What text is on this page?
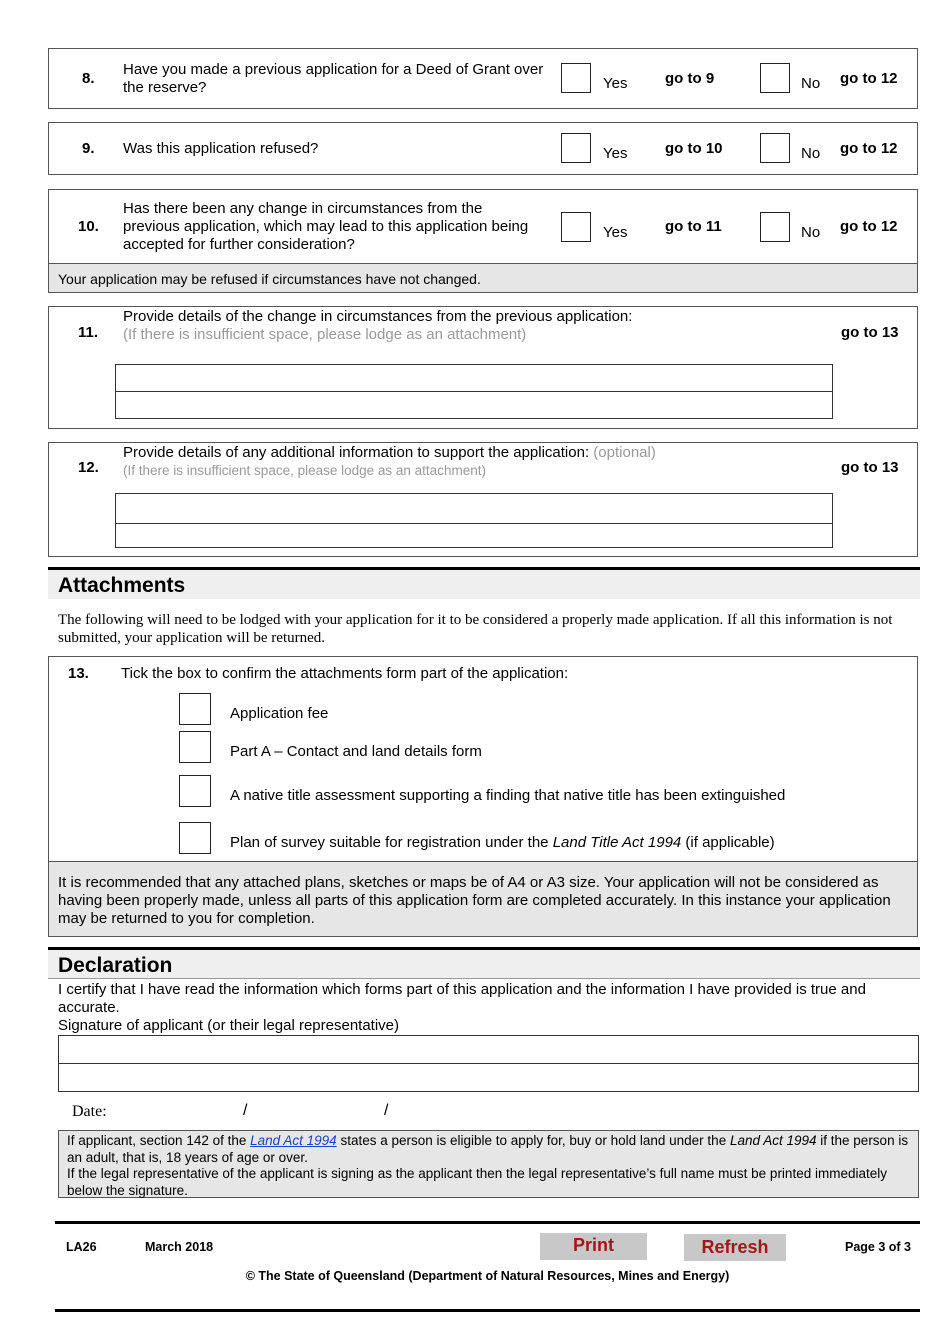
8.
Have you made a previous application for a Deed of Grant over the reserve?	Yes	go to 9	No go to 12
9. Was this application refused?	Yes	go to 10	No go to 12
10.
Has there been any change in circumstances from the previous application, which may lead to this application being accepted for further consideration?
Yes	go to 11	No go to 12
Your application may be refused if circumstances have not changed.
11.
Provide details of the change in circumstances from the previous application:
(If there is insufficient space, please lodge as an attachment)	go to 13
12.
Provide details of any additional information to support the application: (optional)
(If there is insufficient space, please lodge as an attachment)	go to 13
Attachments
The following will need to be lodged with your application for it to be considered a properly made application. If all this information is not submitted, your application will be returned.
13. Tick the box to confirm the attachments form part of the application:
Application fee
Part A – Contact and land details form
A native title assessment supporting a finding that native title has been extinguished
Plan of survey suitable for registration under the Land Title Act 1994 (if applicable)
It is recommended that any attached plans, sketches or maps be of A4 or A3 size. Your application will not be considered as having been properly made, unless all parts of this application form are completed accurately. In this instance your application may be returned to you for completion.
Declaration
I certify that I have read the information which forms part of this application and the information I have provided is true and accurate.
Signature of applicant (or their legal representative)
Date:	/	/
If applicant, section 142 of the Land Act 1994 states a person is eligible to apply for, buy or hold land under the Land Act 1994 if the person is an adult, that is, 18 years of age or over.
If the legal representative of the applicant is signing as the applicant then the legal representative’s full name must be printed immediately below the signature.
LA26	March 2018	Print	Refresh	Page 3 of 3
© The State of Queensland (Department of Natural Resources, Mines and Energy)
